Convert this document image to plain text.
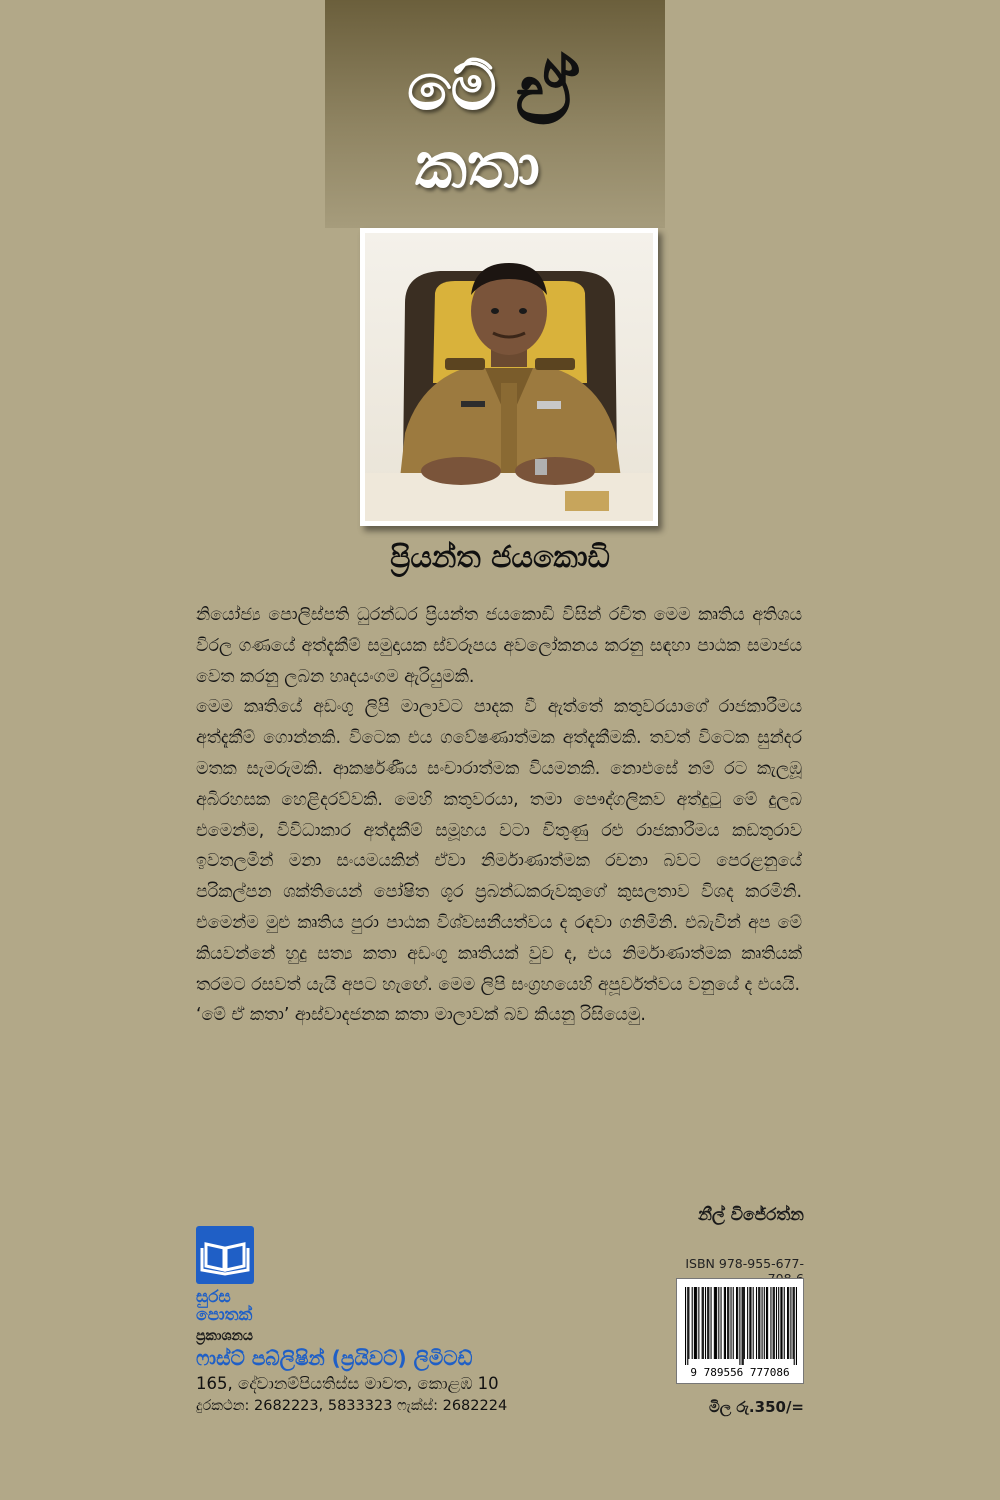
මේ ඒ
කතා
ප්‍රියන්ත ජයකොඩි

නියෝජ්‍ය පොලිස්පති ධුරන්ධර ප්‍රියන්ත ජයකොඩි විසින් රචිත මෙම කෘතිය අතිශය විරල ගණයේ අත්දැකීම් සමුදායක ස්වරූපය අවලෝකනය කරනු සඳහා පාඨක සමාජය වෙත කරනු ලබන හෘදයංගම ඇරියුමකි.

මෙම කෘතියේ අඩංගු ලිපි මාලාවට පාදක වී ඇත්තේ කතුවරයාගේ රාජකාරීමය අත්දැකීම් ගොන්නකි. විටෙක එය ගවේෂණාත්මක අත්දැකීමකි. තවත් විටෙක සුන්දර මතක සැමරුමකි. ආකර්ෂණීය සංචාරාත්මක වියමනකි. නොඑසේ නම් රට කැලඹූ අබිරහසක හෙළිදරව්වකි. මෙහි කතුවරයා, තමා පෞද්ගලිකව අත්දුටු මේ දුලබ එමෙන්ම, විවිධාකාර අත්දැකීම් සමූහය වටා චිතුණු රළු රාජකාරීමය කඩතුරාව ඉවතලමින් මනා සංයමයකින් ඒවා නිර්මාණාත්මක රචනා බවට පෙරළනුයේ පරිකල්පන ශක්තියෙන් පෝෂිත ශූර ප්‍රබන්ධකරුවකුගේ කුසලතාව විශද කරමිනි. එමෙන්ම මුළු කෘතිය පුරා පාඨක විශ්වසනීයත්වය ද රඳවා ගනිමිනි. එබැවින් අප මේ කියවන්නේ හුදු සත්‍ය කතා අඩංගු කෘතියක් වුව ද, එය නිර්මාණාත්මක කෘතියක් තරමට රසවත් යැයි අපට හැඟේ. මෙම ලිපි සංග්‍රහයෙහි අපූර්වත්වය වනුයේ ද එයයි.

‘මේ ඒ කතා’ ආස්වාදජනක කතා මාලාවක් බව කියනු රිසියෙමු.

නීල් විජේරත්න
සුරස
පොතක්
ප්‍රකාශනය
ෆාස්ට් පබ්ලිෂින් (ප්‍රයිවට්) ලිමිටඩ්
165, දේවානම්පියතිස්ස මාවත, කොළඹ 10
දුරකථන: 2682223, 5833323 ෆැක්ස්: 2682224
ISBN 978-955-677-
9 789556 777086
මිල රු.350/=
